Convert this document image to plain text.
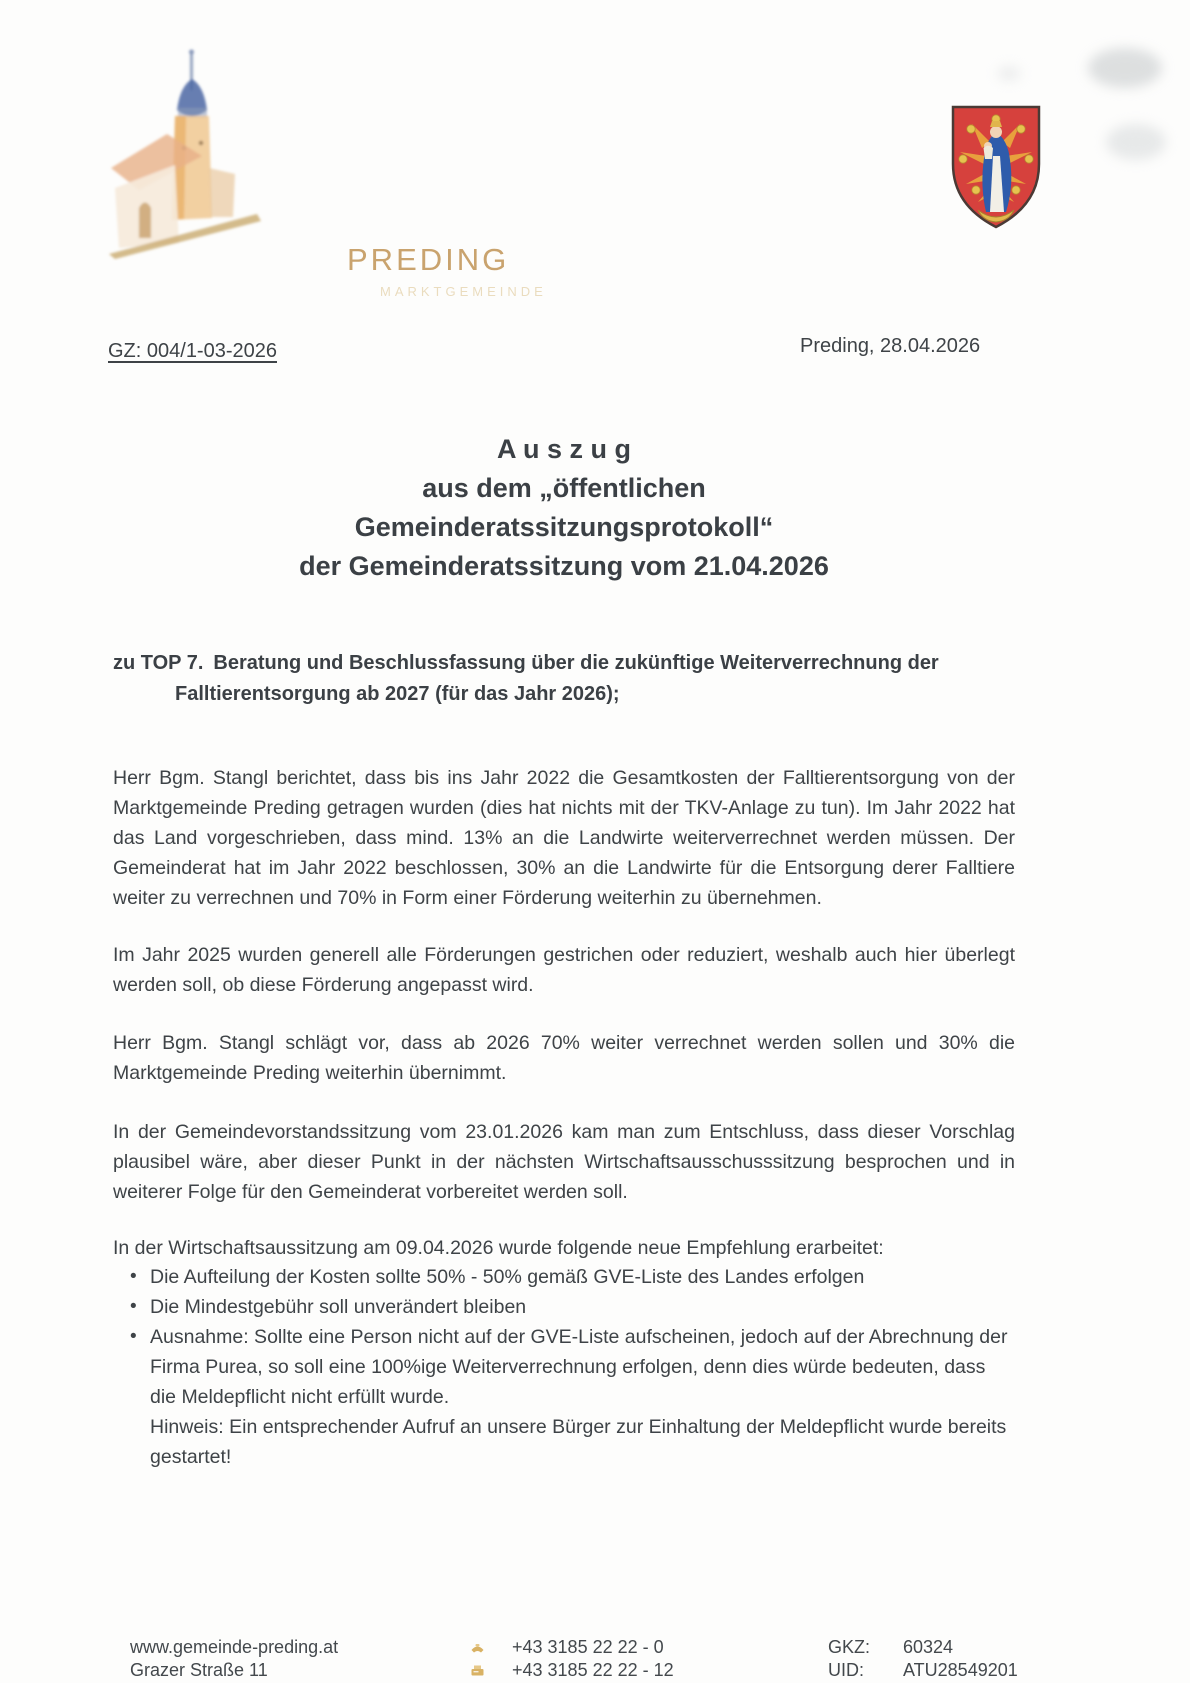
PREDING
MARKTGEMEINDE
GZ: 004/1-03-2026	Preding, 28.04.2026
A u s z u g
aus dem „öffentlichen
Gemeinderatssitzungsprotokoll“
der Gemeinderatssitzung vom 21.04.2026
zu TOP 7. Beratung und Beschlussfassung über die zukünftige Weiterverrechnung der
Falltierentsorgung ab 2027 (für das Jahr 2026);
Herr Bgm. Stangl berichtet, dass bis ins Jahr 2022 die Gesamtkosten der Falltierentsorgung von der Marktgemeinde Preding getragen wurden (dies hat nichts mit der TKV-Anlage zu tun). Im Jahr 2022 hat das Land vorgeschrieben, dass mind. 13% an die Landwirte weiterverrechnet werden müssen. Der Gemeinderat hat im Jahr 2022 beschlossen, 30% an die Landwirte für die Entsorgung derer Falltiere weiter zu verrechnen und 70% in Form einer Förderung weiterhin zu übernehmen.
Im Jahr 2025 wurden generell alle Förderungen gestrichen oder reduziert, weshalb auch hier überlegt werden soll, ob diese Förderung angepasst wird.
Herr Bgm. Stangl schlägt vor, dass ab 2026 70% weiter verrechnet werden sollen und 30% die Marktgemeinde Preding weiterhin übernimmt.
In der Gemeindevorstandssitzung vom 23.01.2026 kam man zum Entschluss, dass dieser Vorschlag plausibel wäre, aber dieser Punkt in der nächsten Wirtschaftsausschusssitzung besprochen und in weiterer Folge für den Gemeinderat vorbereitet werden soll.
In der Wirtschaftsaussitzung am 09.04.2026 wurde folgende neue Empfehlung erarbeitet:
• Die Aufteilung der Kosten sollte 50% - 50% gemäß GVE-Liste des Landes erfolgen
• Die Mindestgebühr soll unverändert bleiben
• Ausnahme: Sollte eine Person nicht auf der GVE-Liste aufscheinen, jedoch auf der Abrechnung der Firma Purea, so soll eine 100%ige Weiterverrechnung erfolgen, denn dies würde bedeuten, dass die Meldepflicht nicht erfüllt wurde.
Hinweis: Ein entsprechender Aufruf an unsere Bürger zur Einhaltung der Meldepflicht wurde bereits gestartet!
www.gemeinde-preding.at
Grazer Straße 11
+43 3185 22 22 - 0
+43 3185 22 22 - 12
GKZ: 60324
UID: ATU28549201
